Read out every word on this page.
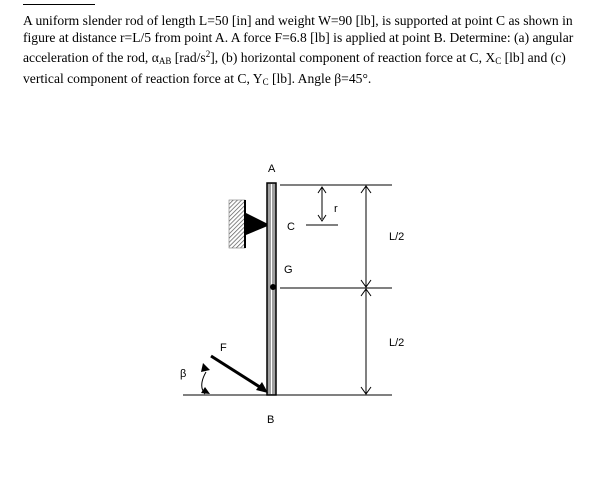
A uniform slender rod of length L=50 [in] and weight W=90 [lb], is supported at point C as shown in

figure at distance r=L/5 from point A. A force F=6.8 [lb] is applied at point B. Determine: (a) angular

acceleration of the rod, $\alpha_{AB}$ $[rad/s^2]$, (b) horizontal component of reaction force at C, $X_C$ [lb] and (c)

vertical component of reaction force at C, $Y_C$ [lb]. Angle β=45°.

A
B
C
G
F
r
β
L/2
L/2
